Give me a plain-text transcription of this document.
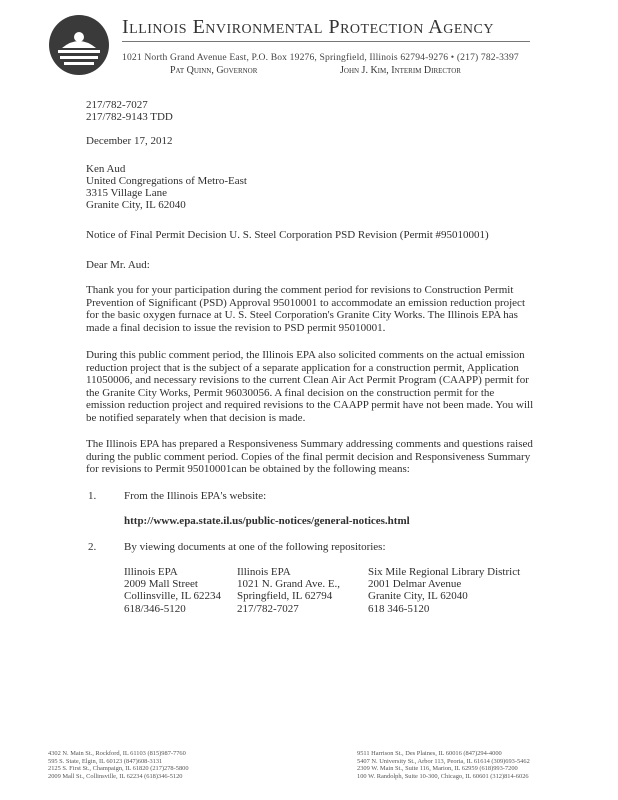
Illinois Environmental Protection Agency
1021 North Grand Avenue East, P.O. Box 19276, Springfield, Illinois 62794-9276 • (217) 782-3397
Pat Quinn, Governor	John J. Kim, Interim Director
217/782-7027
217/782-9143 TDD
December 17, 2012
Ken Aud
United Congregations of Metro-East
3315 Village Lane
Granite City, IL 62040
Notice of Final Permit Decision U. S. Steel Corporation PSD Revision (Permit #95010001)
Dear Mr. Aud:
Thank you for your participation during the comment period for revisions to Construction Permit Prevention of Significant (PSD) Approval 95010001 to accommodate an emission reduction project for the basic oxygen furnace at U. S. Steel Corporation's Granite City Works. The Illinois EPA has made a final decision to issue the revision to PSD permit 95010001.
During this public comment period, the Illinois EPA also solicited comments on the actual emission reduction project that is the subject of a separate application for a construction permit, Application 11050006, and necessary revisions to the current Clean Air Act Permit Program (CAAPP) permit for the Granite City Works, Permit 96030056. A final decision on the construction permit for the emission reduction project and required revisions to the CAAPP permit have not been made. You will be notified separately when that decision is made.
The Illinois EPA has prepared a Responsiveness Summary addressing comments and questions raised during the public comment period. Copies of the final permit decision and Responsiveness Summary for revisions to Permit 95010001can be obtained by the following means:
1.	From the Illinois EPA's website:
http://www.epa.state.il.us/public-notices/general-notices.html
2.	By viewing documents at one of the following repositories:
Illinois EPA
2009 Mall Street
Collinsville, IL 62234
618/346-5120
Illinois EPA
1021 N. Grand Ave. E.,
Springfield, IL 62794
217/782-7027
Six Mile Regional Library District
2001 Delmar Avenue
Granite City, IL 62040
618 346-5120
4302 N. Main St., Rockford, IL 61103 (815)987-7760
595 S. State, Elgin, IL 60123 (847)608-3131
2125 S. First St., Champaign, IL 61820 (217)278-5800
2009 Mall St., Collinsville, IL 62234 (618)346-5120
9511 Harrison St., Des Plaines, IL 60016 (847)294-4000
5407 N. University St., Arbor 113, Peoria, IL 61614 (309)693-5462
2309 W. Main St., Suite 116, Marion, IL 62959 (618)993-7200
100 W. Randolph, Suite 10-300, Chicago, IL 60601 (312)814-6026
